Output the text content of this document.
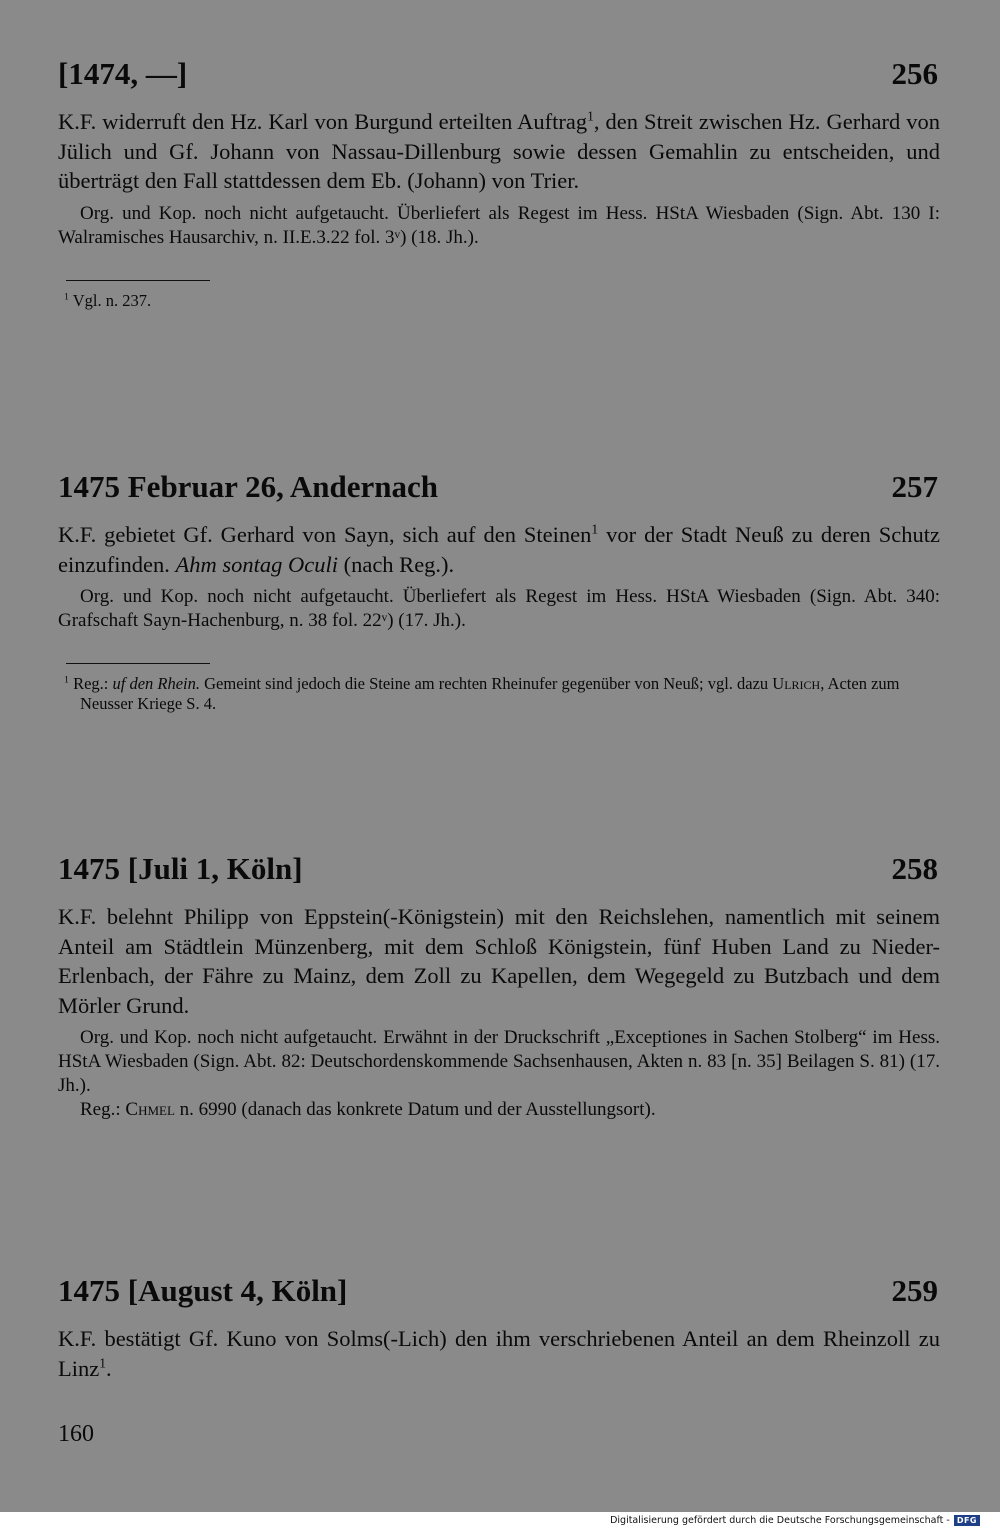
[1474, —]	256

K.F. widerruft den Hz. Karl von Burgund erteilten Auftrag$^1$, den Streit zwischen Hz. Gerhard von Jülich und Gf. Johann von Nassau-Dillenburg sowie dessen Gemahlin zu entscheiden, und überträgt den Fall stattdessen dem Eb. (Johann) von Trier.

Org. und Kop. noch nicht aufgetaucht. Überliefert als Regest im Hess. HStA Wiesbaden (Sign. Abt. 130 I: Walramisches Hausarchiv, n. II.E.3.22 fol. 3ᵛ) (18. Jh.).

$^1$ Vgl. n. 237.

1475 Februar 26, Andernach	257

K.F. gebietet Gf. Gerhard von Sayn, sich auf den Steinen$^1$ vor der Stadt Neuß zu deren Schutz einzufinden. Ahm sontag Oculi (nach Reg.).

Org. und Kop. noch nicht aufgetaucht. Überliefert als Regest im Hess. HStA Wiesbaden (Sign. Abt. 340: Grafschaft Sayn-Hachenburg, n. 38 fol. 22ᵛ) (17. Jh.).

$^1$ Reg.: uf den Rhein. Gemeint sind jedoch die Steine am rechten Rheinufer gegenüber von Neuß; vgl. dazu Ulrich, Acten zum Neusser Kriege S. 4.

1475 [Juli 1, Köln]	258

K.F. belehnt Philipp von Eppstein(-Königstein) mit den Reichslehen, namentlich mit seinem Anteil am Städtlein Münzenberg, mit dem Schloß Königstein, fünf Huben Land zu Nieder-Erlenbach, der Fähre zu Mainz, dem Zoll zu Kapellen, dem Wegegeld zu Butzbach und dem Mörler Grund.

Org. und Kop. noch nicht aufgetaucht. Erwähnt in der Druckschrift „Exceptiones in Sachen Stolberg“ im Hess. HStA Wiesbaden (Sign. Abt. 82: Deutschordenskommende Sachsenhausen, Akten n. 83 [n. 35] Beilagen S. 81) (17. Jh.).

Reg.: Chmel n. 6990 (danach das konkrete Datum und der Ausstellungsort).

1475 [August 4, Köln]	259

K.F. bestätigt Gf. Kuno von Solms(-Lich) den ihm verschriebenen Anteil an dem Rheinzoll zu Linz$^1$.

160
Digitalisierung gefördert durch die Deutsche Forschungsgemeinschaft - DFG
